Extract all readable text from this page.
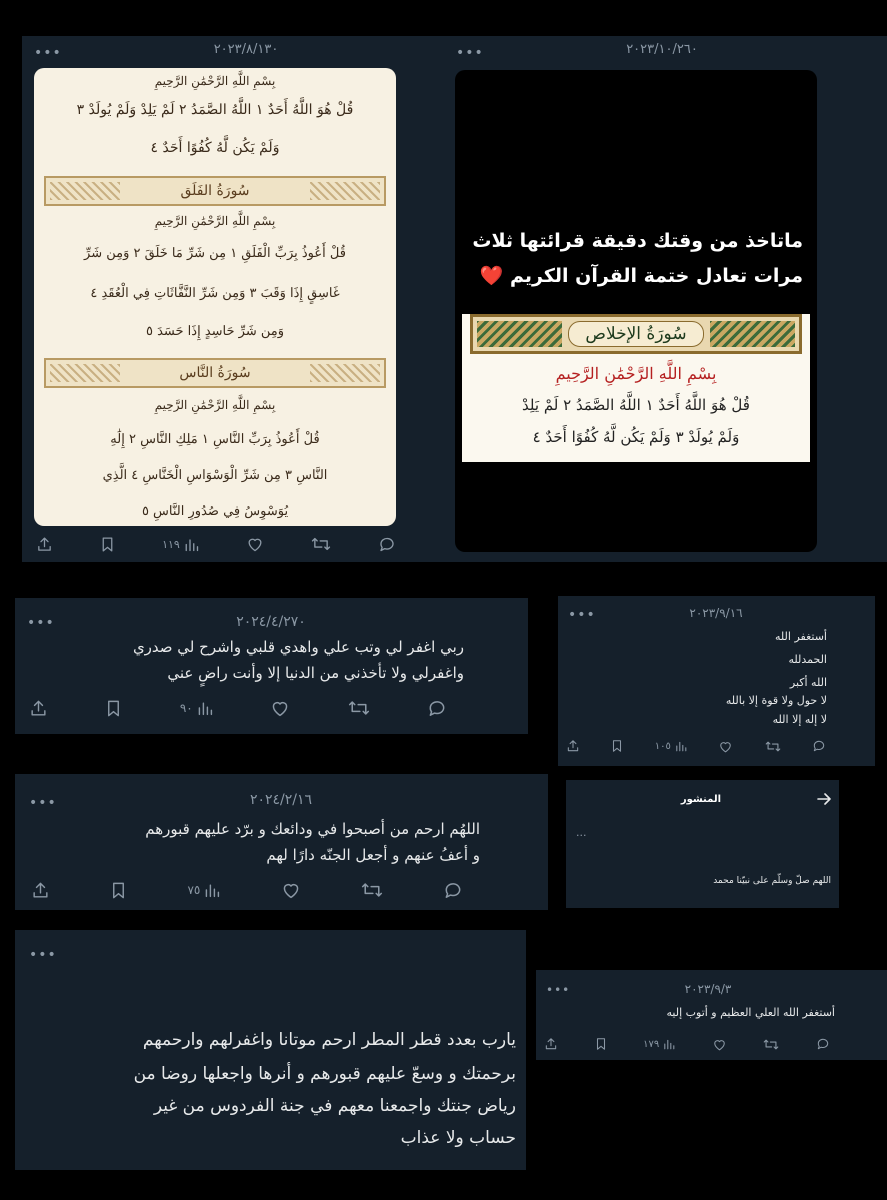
•••	٢٠٢٣/٨/١٣٠
بِسْمِ اللَّهِ الرَّحْمَٰنِ الرَّحِيمِ
قُلْ هُوَ اللَّهُ أَحَدٌ ١ اللَّهُ الصَّمَدُ ٢ لَمْ يَلِدْ وَلَمْ يُولَدْ ٣
وَلَمْ يَكُن لَّهُ كُفُوًا أَحَدٌ ٤
سُورَةُ الفَلَق
بِسْمِ اللَّهِ الرَّحْمَٰنِ الرَّحِيمِ
قُلْ أَعُوذُ بِرَبِّ الْفَلَقِ ١ مِن شَرِّ مَا خَلَقَ ٢ وَمِن شَرِّ
غَاسِقٍ إِذَا وَقَبَ ٣ وَمِن شَرِّ النَّفَّاثَاتِ فِي الْعُقَدِ ٤
وَمِن شَرِّ حَاسِدٍ إِذَا حَسَدَ ٥
سُورَةُ النَّاس
بِسْمِ اللَّهِ الرَّحْمَٰنِ الرَّحِيمِ
قُلْ أَعُوذُ بِرَبِّ النَّاسِ ١ مَلِكِ النَّاسِ ٢ إِلَٰهِ
النَّاسِ ٣ مِن شَرِّ الْوَسْوَاسِ الْخَنَّاسِ ٤ الَّذِي
يُوَسْوِسُ فِي صُدُورِ النَّاسِ ٥
١١٩
•••	٢٠٢٣/١٠/٢٦٠
ماتاخذ من وقتك دقيقة قرائتها ثلاث
مرات تعادل ختمة القرآن الكريم ❤️
سُورَةُ الإخلاص
بِسْمِ اللَّهِ الرَّحْمَٰنِ الرَّحِيمِ
قُلْ هُوَ اللَّهُ أَحَدٌ ١ اللَّهُ الصَّمَدُ ٢ لَمْ يَلِدْ
وَلَمْ يُولَدْ ٣ وَلَمْ يَكُن لَّهُ كُفُوًا أَحَدٌ ٤
•••	٢٠٢٤/٤/٢٧٠
ربي اغفر لي وتب علي واهدي قلبي واشرح لي صدري
واغفرلي ولا تأخذني من الدنيا إلا وأنت راضٍ عني
٩٠
•••	٢٠٢٣/٩/١٦
أستغفر الله
الحمدلله
الله أكبر
لا حول ولا قوة إلا بالله
لا إله إلا الله
١٠٥
•••	٢٠٢٤/٢/١٦
اللهُم ارحم من أصبحوا في ودائعك و برّد عليهم قبورهم
و أعفُ عنهم و أجعل الجنّه دارًا لهم
٧٥
المنشور
...
اللهم صلّ وسلّم على نبيّنا محمد
•••
يارب بعدد قطر المطر ارحم موتانا واغفرلهم وارحمهم
برحمتك و وسعّ عليهم قبورهم و أنرها واجعلها روضا من
رياض جنتك واجمعنا معهم في جنة الفردوس من غير
حساب ولا عذاب
•••	٢٠٢٣/٩/٣
أستغفر الله العلي العظيم و أتوب إليه
١٧٩
